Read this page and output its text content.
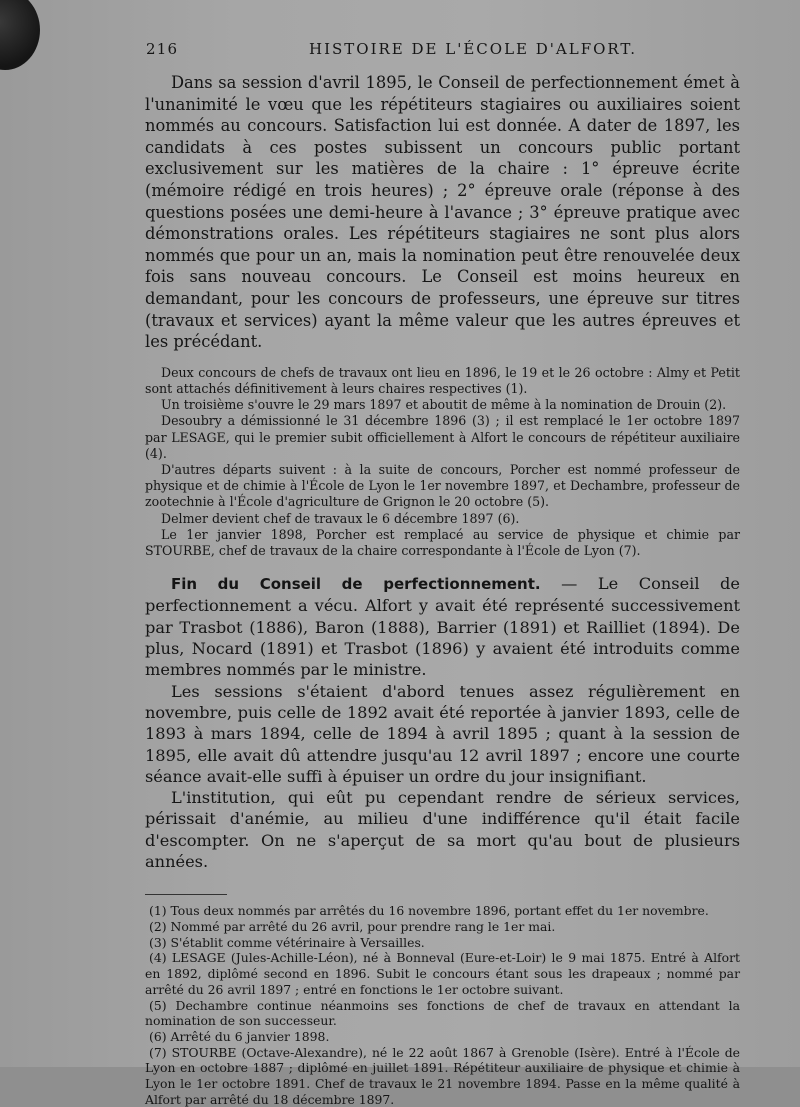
216	HISTOIRE DE L'ÉCOLE D'ALFORT.

Dans sa session d'avril 1895, le Conseil de perfectionnement émet à l'unanimité le vœu que les répétiteurs stagiaires ou auxiliaires soient nommés au concours. Satisfaction lui est donnée. A dater de 1897, les candidats à ces postes subissent un concours public portant exclusivement sur les matières de la chaire : 1° épreuve écrite (mémoire rédigé en trois heures) ; 2° épreuve orale (réponse à des questions posées une demi-heure à l'avance ; 3° épreuve pratique avec démonstrations orales. Les répétiteurs stagiaires ne sont plus alors nommés que pour un an, mais la nomination peut être renouvelée deux fois sans nouveau concours. Le Conseil est moins heureux en demandant, pour les concours de professeurs, une épreuve sur titres (travaux et services) ayant la même valeur que les autres épreuves et les précédant.

Deux concours de chefs de travaux ont lieu en 1896, le 19 et le 26 octobre : Almy et Petit sont attachés définitivement à leurs chaires respectives (1).

Un troisième s'ouvre le 29 mars 1897 et aboutit de même à la nomination de Drouin (2).

Desoubry a démissionné le 31 décembre 1896 (3) ; il est remplacé le 1er octobre 1897 par LESAGE, qui le premier subit officiellement à Alfort le concours de répétiteur auxiliaire (4).

D'autres départs suivent : à la suite de concours, Porcher est nommé professeur de physique et de chimie à l'École de Lyon le 1er novembre 1897, et Dechambre, professeur de zootechnie à l'École d'agriculture de Grignon le 20 octobre (5).

Delmer devient chef de travaux le 6 décembre 1897 (6).

Le 1er janvier 1898, Porcher est remplacé au service de physique et chimie par STOURBE, chef de travaux de la chaire correspondante à l'École de Lyon (7).

Fin du Conseil de perfectionnement. — Le Conseil de perfectionnement a vécu. Alfort y avait été représenté successivement par Trasbot (1886), Baron (1888), Barrier (1891) et Railliet (1894). De plus, Nocard (1891) et Trasbot (1896) y avaient été introduits comme membres nommés par le ministre.

Les sessions s'étaient d'abord tenues assez régulièrement en novembre, puis celle de 1892 avait été reportée à janvier 1893, celle de 1893 à mars 1894, celle de 1894 à avril 1895 ; quant à la session de 1895, elle avait dû attendre jusqu'au 12 avril 1897 ; encore une courte séance avait-elle suffi à épuiser un ordre du jour insignifiant.

L'institution, qui eût pu cependant rendre de sérieux services, périssait d'anémie, au milieu d'une indifférence qu'il était facile d'escompter. On ne s'aperçut de sa mort qu'au bout de plusieurs années.

(1) Tous deux nommés par arrêtés du 16 novembre 1896, portant effet du 1er novembre.

(2) Nommé par arrêté du 26 avril, pour prendre rang le 1er mai.

(3) S'établit comme vétérinaire à Versailles.

(4) LESAGE (Jules-Achille-Léon), né à Bonneval (Eure-et-Loir) le 9 mai 1875. Entré à Alfort en 1892, diplômé second en 1896. Subit le concours étant sous les drapeaux ; nommé par arrêté du 26 avril 1897 ; entré en fonctions le 1er octobre suivant.

(5) Dechambre continue néanmoins ses fonctions de chef de travaux en attendant la nomination de son successeur.

(6) Arrêté du 6 janvier 1898.

(7) STOURBE (Octave-Alexandre), né le 22 août 1867 à Grenoble (Isère). Entré à l'École de Lyon en octobre 1887 ; diplômé en juillet 1891. Répétiteur auxiliaire de physique et chimie à Lyon le 1er octobre 1891. Chef de travaux le 21 novembre 1894. Passe en la même qualité à Alfort par arrêté du 18 décembre 1897.
